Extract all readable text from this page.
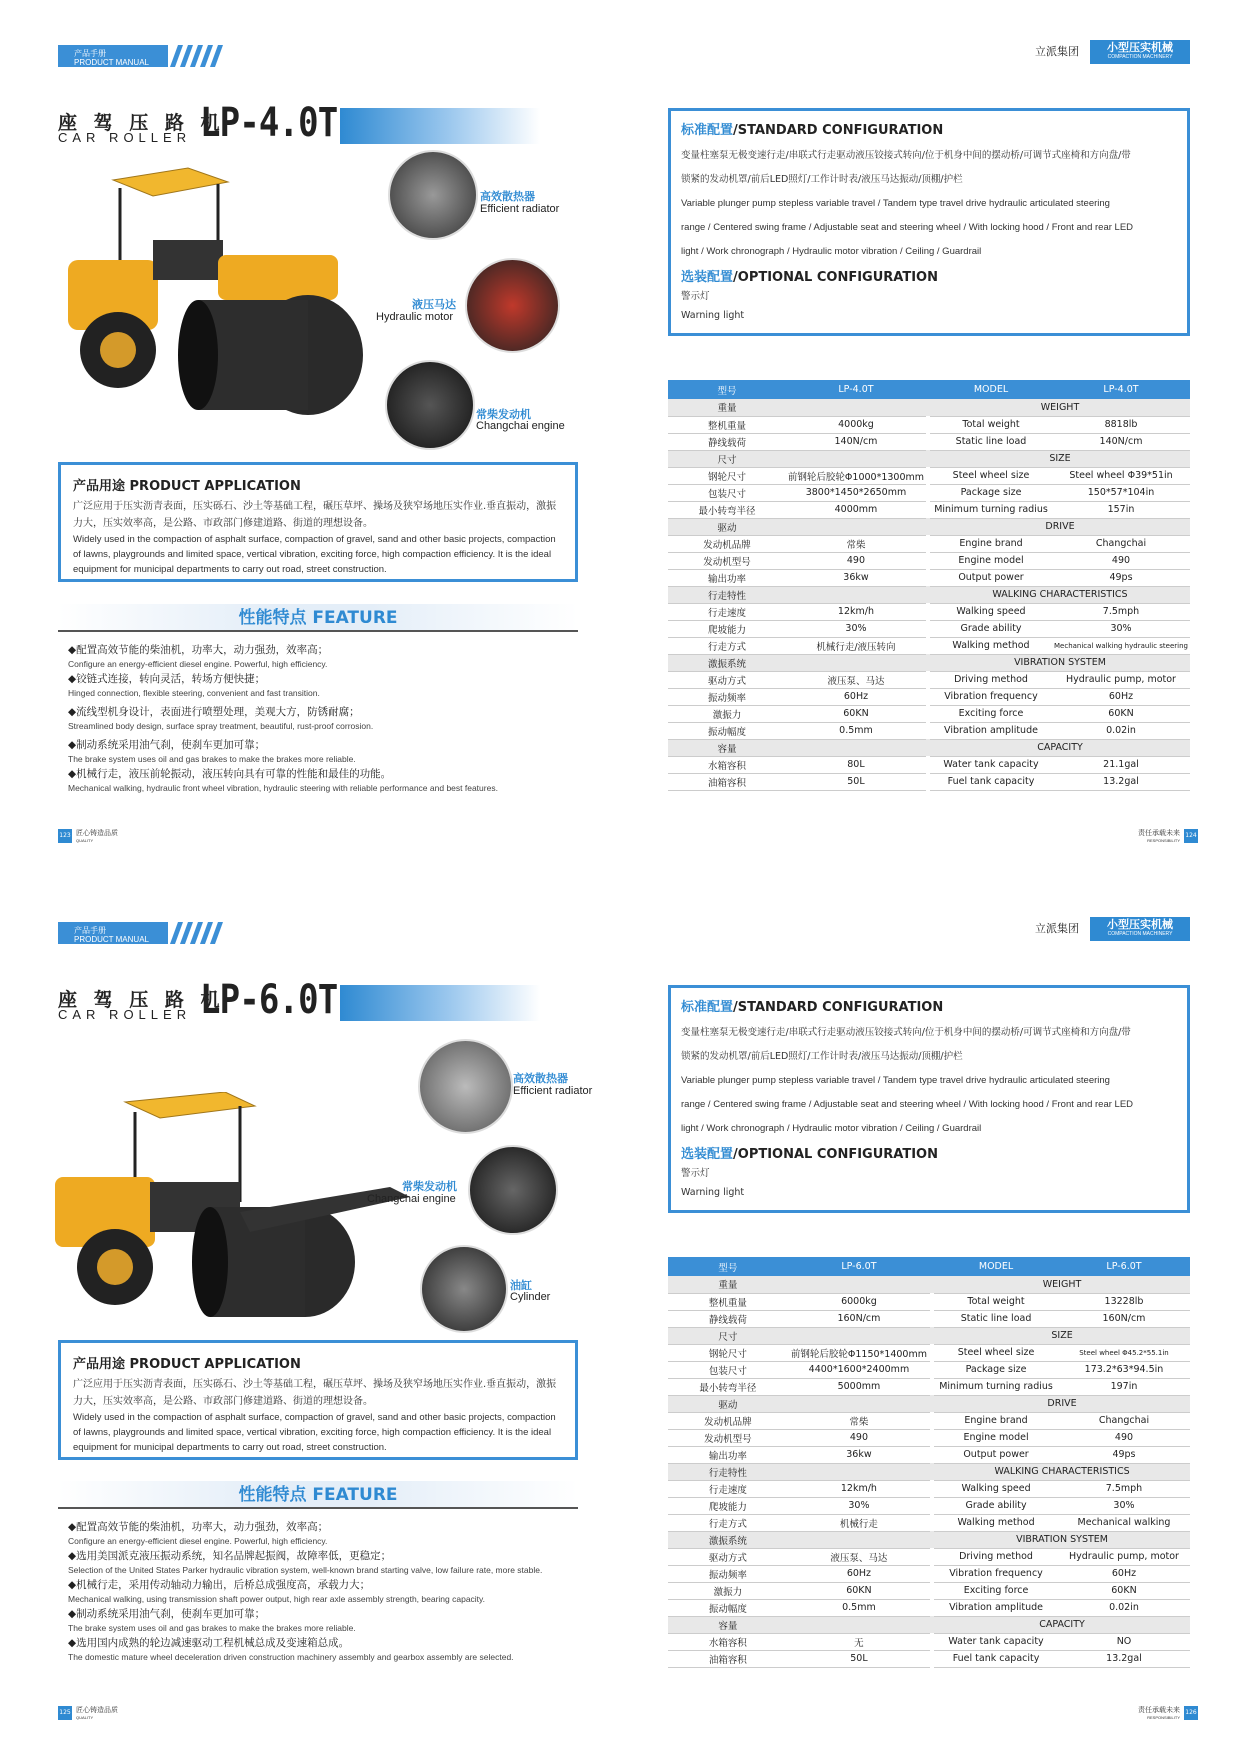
产品手册
PRODUCT MANUAL
立派集团	小型压实机械
COMPACTION MACHINERY
座 驾 压 路 机
CAR ROLLER LP-4.0T
高效散热器
Efficient radiator
液压马达
Hydraulic motor
常柴发动机
Changchai engine
产品用途 PRODUCT APPLICATION
广泛应用于压实沥青表面，压实砾石、沙土等基础工程，碾压草坪、操场及狭窄场地压实作业.垂直振动，激振力大，压实效率高，是公路、市政部门修建道路、街道的理想设备。
Widely used in the compaction of asphalt surface, compaction of gravel, sand and other basic projects, compaction of lawns, playgrounds and limited space, vertical vibration, exciting force, high compaction efficiency. It is the ideal equipment for municipal departments to carry out road, street construction.
性能特点 FEATURE
◆配置高效节能的柴油机，功率大，动力强劲，效率高；
Configure an energy-efficient diesel engine. Powerful, high efficiency.
◆铰链式连接，转向灵活，转场方便快捷；
Hinged connection, flexible steering, convenient and fast transition.
◆流线型机身设计，表面进行喷塑处理，美观大方，防锈耐腐；
Streamlined body design, surface spray treatment, beautiful, rust-proof corrosion.
◆制动系统采用油气刹，使刹车更加可靠；
The brake system uses oil and gas brakes to make the brakes more reliable.
◆机械行走，液压前轮振动，液压转向具有可靠的性能和最佳的功能。
Mechanical walking, hydraulic front wheel vibration, hydraulic steering with reliable performance and best features.
123 匠心铸造品质
QUALITY
责任承载未来
RESPONSIBILITY
124
标准配置/STANDARD CONFIGURATION
变量柱塞泵无极变速行走/串联式行走驱动液压铰接式转向/位于机身中间的摆动桥/可调节式座椅和方向盘/带
锁紧的发动机罩/前后LED照灯/工作计时表/液压马达振动/顶棚/护栏
Variable plunger pump stepless variable travel / Tandem type travel drive hydraulic articulated steering
range / Centered swing frame / Adjustable seat and steering wheel / With locking hood / Front and rear LED
light / Work chronograph / Hydraulic motor vibration / Ceiling / Guardrail
选装配置/OPTIONAL CONFIGURATION
警示灯
Warning light
型号	LP-4.0T		MODEL	LP-4.0T
重量			WEIGHT	
整机重量	4000kg		Total weight	8818lb
静线载荷	140N/cm		Static line load	140N/cm
尺寸			SIZE	
钢轮尺寸	前钢轮后胶轮Φ1000*1300mm		Steel wheel size	Steel wheel Φ39*51in
包装尺寸	3800*1450*2650mm		Package size	150*57*104in
最小转弯半径	4000mm		Minimum turning radius	157in
驱动			DRIVE	
发动机品牌	常柴		Engine brand	Changchai
发动机型号	490		Engine model	490
输出功率	36kw		Output power	49ps
行走特性			WALKING CHARACTERISTICS	
行走速度	12km/h		Walking speed	7.5mph
爬坡能力	30%		Grade ability	30%
行走方式	机械行走/液压转向		Walking method	Mechanical walking hydraulic steering
激振系统			VIBRATION SYSTEM	
驱动方式	液压泵、马达		Driving method	Hydraulic pump, motor
振动频率	60Hz		Vibration frequency	60Hz
激振力	60KN		Exciting force	60KN
振动幅度	0.5mm		Vibration amplitude	0.02in
容量			CAPACITY	
水箱容积	80L		Water tank capacity	21.1gal
油箱容积	50L		Fuel tank capacity	13.2gal
产品手册
PRODUCT MANUAL
立派集团	小型压实机械
COMPACTION MACHINERY
座 驾 压 路 机
CAR ROLLER LP-6.0T
高效散热器
Efficient radiator
常柴发动机
Changchai engine
油缸
Cylinder
产品用途 PRODUCT APPLICATION
广泛应用于压实沥青表面，压实砾石、沙土等基础工程，碾压草坪、操场及狭窄场地压实作业.垂直振动，激振力大，压实效率高，是公路、市政部门修建道路、街道的理想设备。
Widely used in the compaction of asphalt surface, compaction of gravel, sand and other basic projects, compaction of lawns, playgrounds and limited space, vertical vibration, exciting force, high compaction efficiency. It is the ideal equipment for municipal departments to carry out road, street construction.
性能特点 FEATURE
◆配置高效节能的柴油机，功率大，动力强劲，效率高；
Configure an energy-efficient diesel engine. Powerful, high efficiency.
◆选用美国派克液压振动系统，知名品牌起振阀，故障率低，更稳定；
Selection of the United States Parker hydraulic vibration system, well-known brand starting valve, low failure rate, more stable.
◆机械行走，采用传动轴动力输出，后桥总成强度高，承载力大；
Mechanical walking, using transmission shaft power output, high rear axle assembly strength, bearing capacity.
◆制动系统采用油气刹，使刹车更加可靠；
The brake system uses oil and gas brakes to make the brakes more reliable.
◆选用国内成熟的轮边减速驱动工程机械总成及变速箱总成。
The domestic mature wheel deceleration driven construction machinery assembly and gearbox assembly are selected.
125 匠心铸造品质
QUALITY
责任承载未来
RESPONSIBILITY
126
标准配置/STANDARD CONFIGURATION
变量柱塞泵无极变速行走/串联式行走驱动液压铰接式转向/位于机身中间的摆动桥/可调节式座椅和方向盘/带
锁紧的发动机罩/前后LED照灯/工作计时表/液压马达振动/顶棚/护栏
Variable plunger pump stepless variable travel / Tandem type travel drive hydraulic articulated steering
range / Centered swing frame / Adjustable seat and steering wheel / With locking hood / Front and rear LED
light / Work chronograph / Hydraulic motor vibration / Ceiling / Guardrail
选装配置/OPTIONAL CONFIGURATION
警示灯
Warning light
型号	LP-6.0T		MODEL	LP-6.0T
重量			WEIGHT	
整机重量	6000kg		Total weight	13228lb
静线载荷	160N/cm		Static line load	160N/cm
尺寸			SIZE	
钢轮尺寸	前钢轮后胶轮Φ1150*1400mm		Steel wheel size	Steel wheel Φ45.2*55.1in
包装尺寸	4400*1600*2400mm		Package size	173.2*63*94.5in
最小转弯半径	5000mm		Minimum turning radius	197in
驱动			DRIVE	
发动机品牌	常柴		Engine brand	Changchai
发动机型号	490		Engine model	490
输出功率	36kw		Output power	49ps
行走特性			WALKING CHARACTERISTICS	
行走速度	12km/h		Walking speed	7.5mph
爬坡能力	30%		Grade ability	30%
行走方式	机械行走		Walking method	Mechanical walking
激振系统			VIBRATION SYSTEM	
驱动方式	液压泵、马达		Driving method	Hydraulic pump, motor
振动频率	60Hz		Vibration frequency	60Hz
激振力	60KN		Exciting force	60KN
振动幅度	0.5mm		Vibration amplitude	0.02in
容量			CAPACITY	
水箱容积	无		Water tank capacity	NO
油箱容积	50L		Fuel tank capacity	13.2gal
